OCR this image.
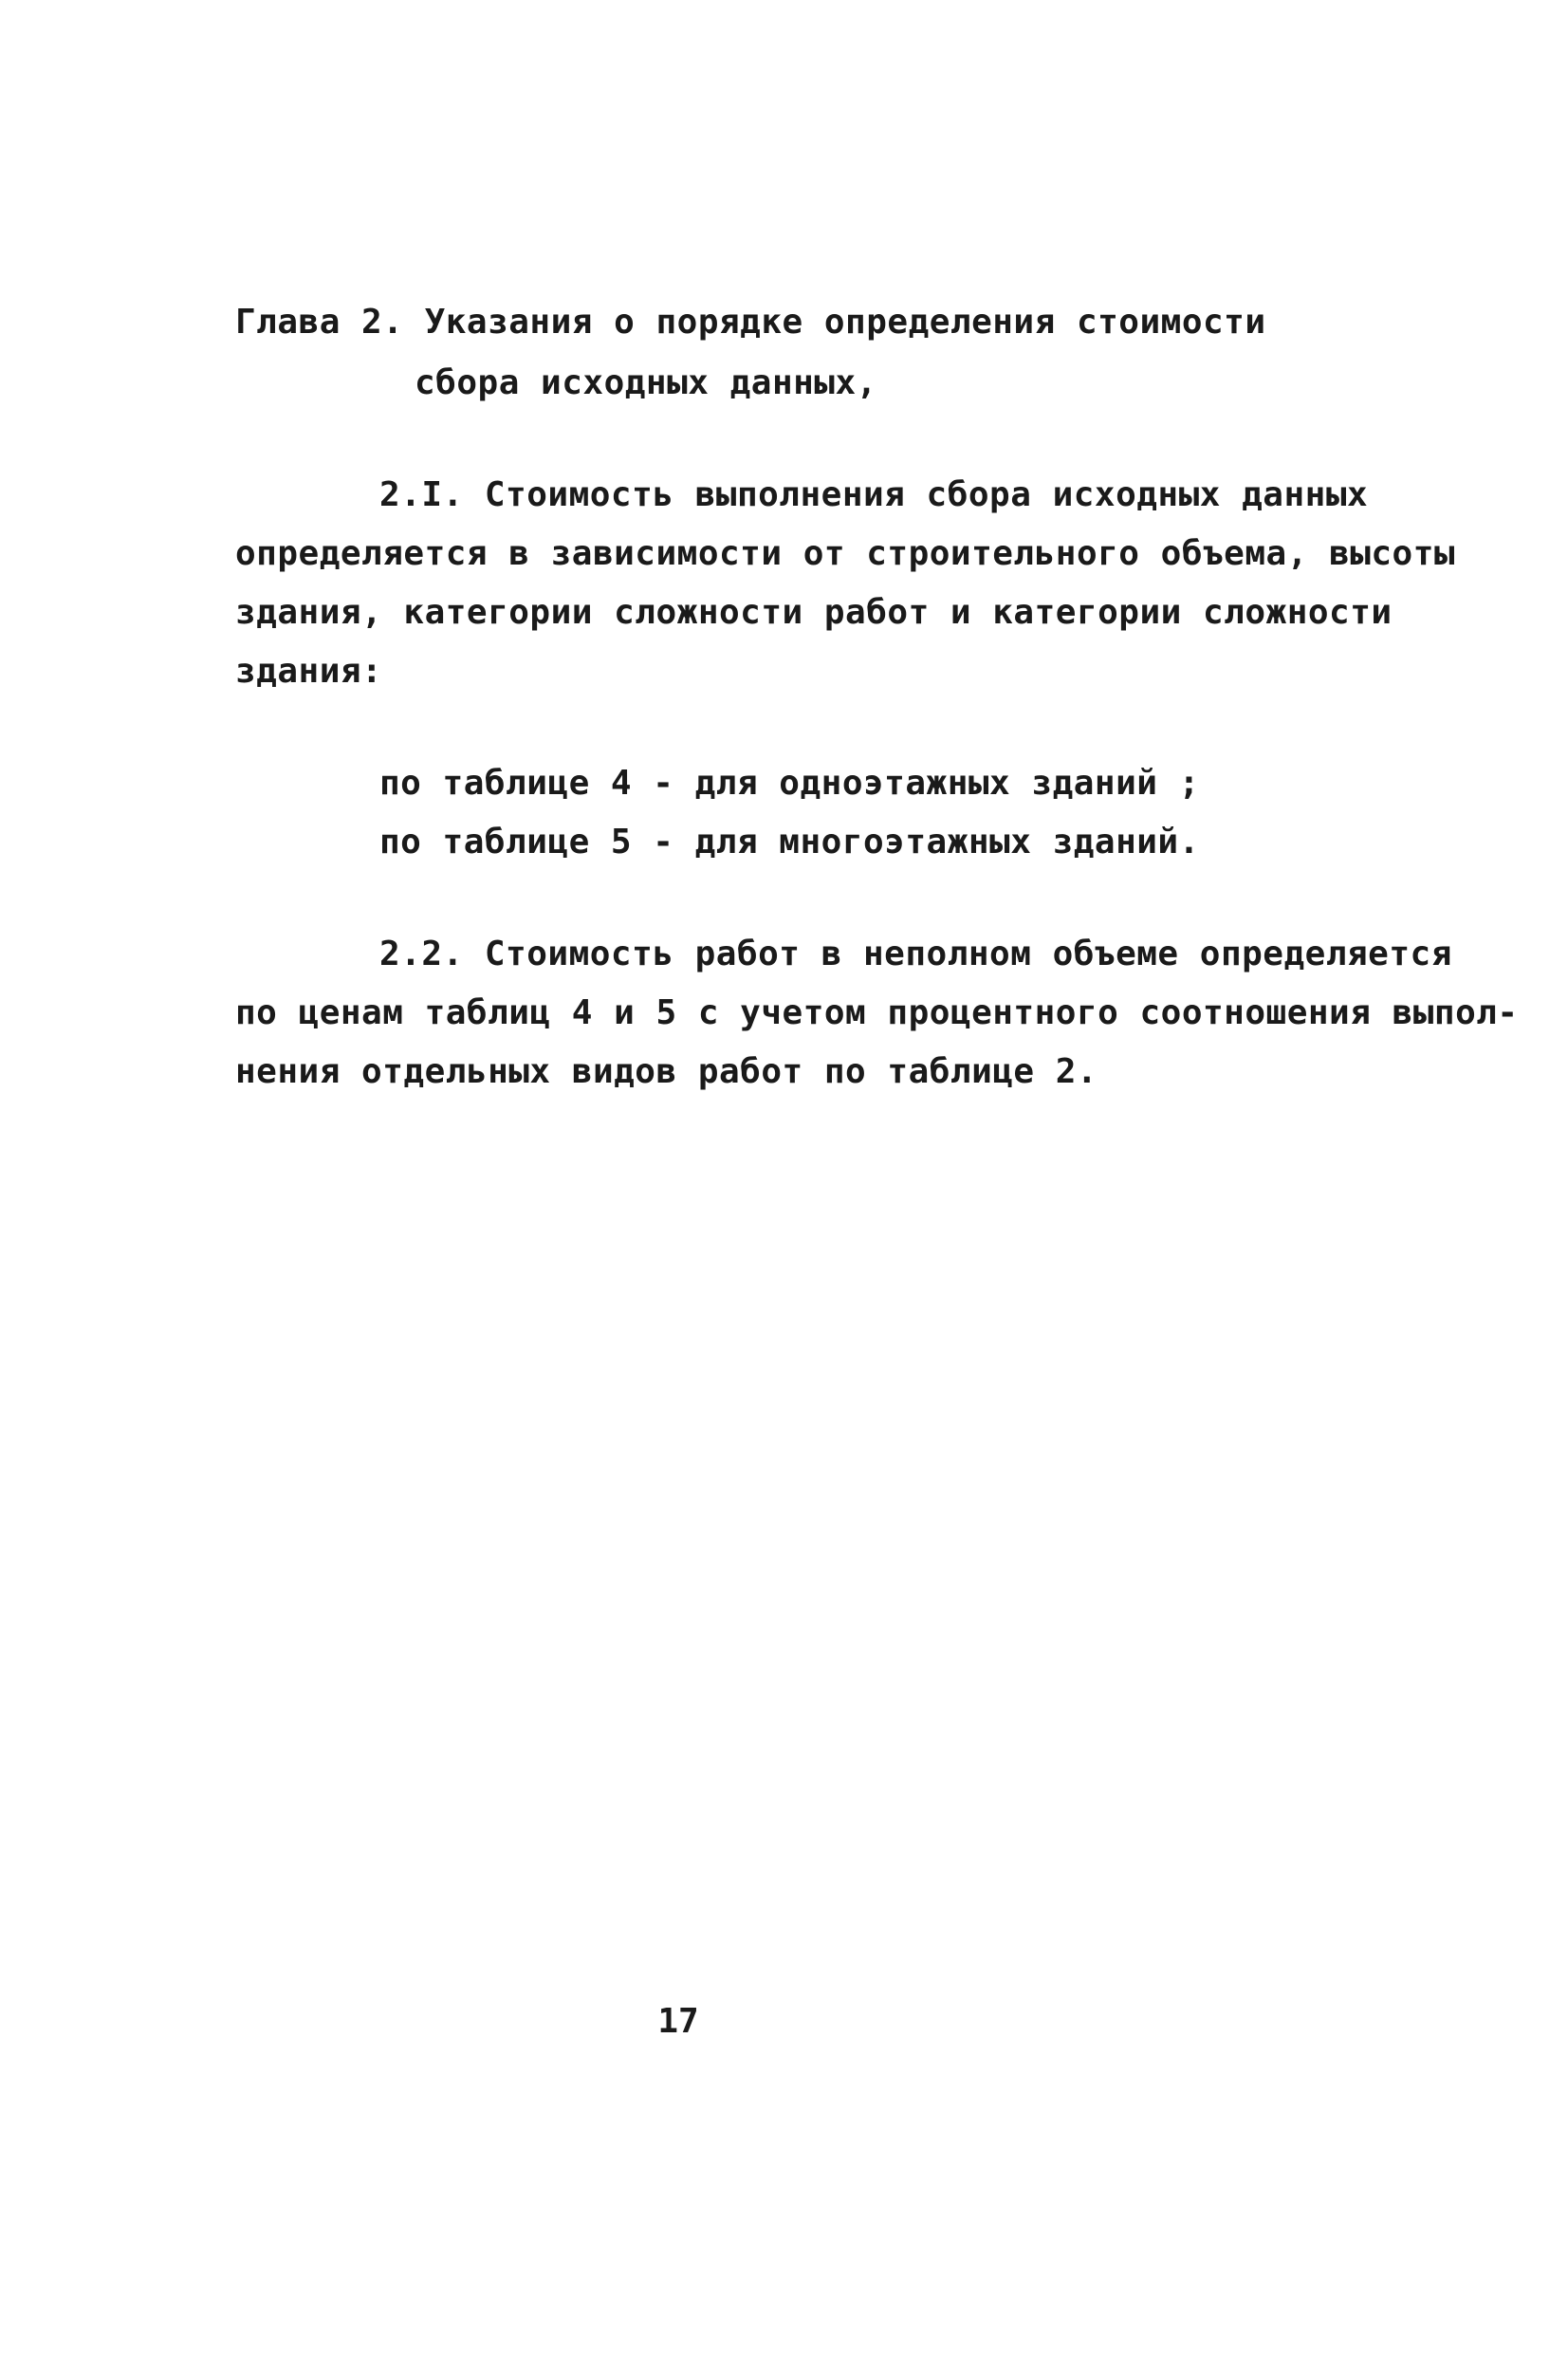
Глава 2. Указания о порядке определения стоимости
сбора исходных данных,
2.I. Стоимость выполнения сбора исходных данных
определяется в зависимости от строительного объема, высоты
здания, категории сложности работ и категории сложности
здания:
по таблице 4 - для одноэтажных зданий ;
по таблице 5 - для многоэтажных зданий.
2.2. Стоимость работ в неполном объеме определяется
по ценам таблиц 4 и 5 с учетом процентного соотношения выпол-
нения отдельных видов работ по таблице 2.
17
